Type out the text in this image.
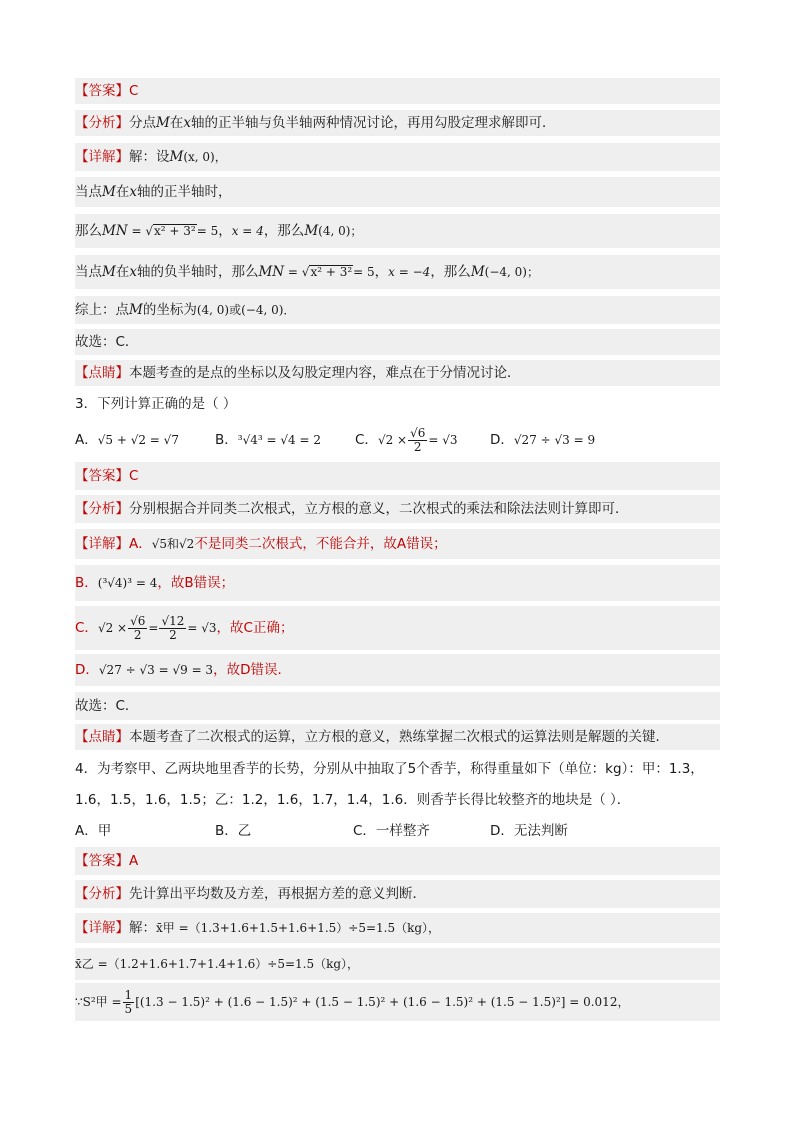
【答案】C
【分析】分点M在x轴的正半轴与负半轴两种情况讨论，再用勾股定理求解即可．
【详解】解：设M(x, 0)，
当点M在x轴的正半轴时，
那么MN = √x² + 3²= 5，x = 4，那么M(4, 0)；
当点M在x轴的负半轴时，那么MN = √x² + 3²= 5，x = −4，那么M(−4, 0)；
综上：点M的坐标为(4, 0)或(−4, 0)．
故选：C．
【点睛】本题考查的是点的坐标以及勾股定理内容，难点在于分情况讨论．
3．下列计算正确的是（ ）
A．√5 + √2 = √7	B．³√4³ = √4 = 2	C．$√2 \times \frac{√6}{2} = √3$ D．√27 ÷ √3 = 9
【答案】C
【分析】分别根据合并同类二次根式，立方根的意义，二次根式的乘法和除法法则计算即可．
【详解】A．√5和√2不是同类二次根式，不能合并，故A错误；
B．(³√4)³ = 4，故B错误；
C．$√2 \times \frac{√6}{2} = \frac{√12}{2} = √3$，故C正确；
D．√27 ÷ √3 = √9 = 3，故D错误．
故选：C．
【点睛】本题考查了二次根式的运算，立方根的意义，熟练掌握二次根式的运算法则是解题的关键．
4．为考察甲、乙两块地里香芋的长势，分别从中抽取了5个香芋，称得重量如下（单位：kg）：甲：1.3，
1.6，1.5，1.6，1.5；乙：1.2，1.6，1.7，1.4，1.6．则香芋长得比较整齐的地块是（ ）．
A．甲	B．乙	C．一样整齐	D．无法判断
【答案】A
【分析】先计算出平均数及方差，再根据方差的意义判断．
【详解】解：x̄甲 =（1.3+1.6+1.5+1.6+1.5）÷5=1.5（kg），
x̄乙 =（1.2+1.6+1.7+1.4+1.6）÷5=1.5（kg），
∵S²甲 = $\frac{1}{5} [(1.3 - 1.5)^2 + (1.6 - 1.5)^2 + (1.5 - 1.5)^2 + (1.6 - 1.5)^2 + (1.5 - 1.5)^2] = 0.012$，
